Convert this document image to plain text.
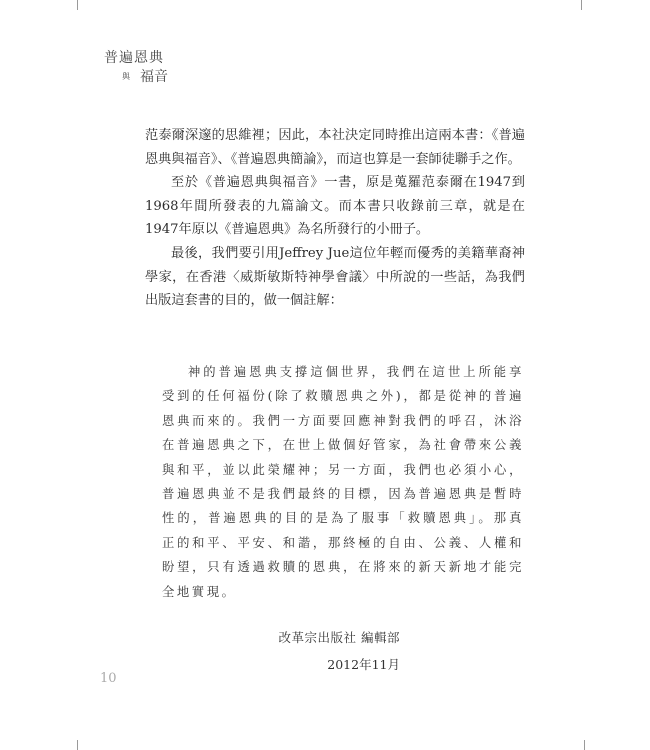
普遍恩典
與 福音

范泰爾深邃的思維裡；因此，本社決定同時推出這兩本書：《普遍恩典與福音》、《普遍恩典簡論》，而這也算是一套師徒聯手之作。

至於《普遍恩典與福音》一書，原是蒐羅范泰爾在1947到1968年間所發表的九篇論文。而本書只收錄前三章，就是在1947年原以《普遍恩典》為名所發行的小冊子。

最後，我們要引用Jeffrey Jue這位年輕而優秀的美籍華裔神學家，在香港〈威斯敏斯特神學會議〉中所說的一些話，為我們出版這套書的目的，做一個註解：

神的普遍恩典支撐這個世界，我們在這世上所能享受到的任何福份(除了救贖恩典之外)，都是從神的普遍恩典而來的。我們一方面要回應神對我們的呼召，沐浴在普遍恩典之下，在世上做個好管家，為社會帶來公義與和平，並以此榮耀神；另一方面，我們也必須小心，普遍恩典並不是我們最終的目標，因為普遍恩典是暫時性的，普遍恩典的目的是為了服事「救贖恩典」。那真正的和平、平安、和諧，那終極的自由、公義、人權和盼望，只有透過救贖的恩典，在將來的新天新地才能完全地實現。

改革宗出版社 編輯部
2012年11月
10
